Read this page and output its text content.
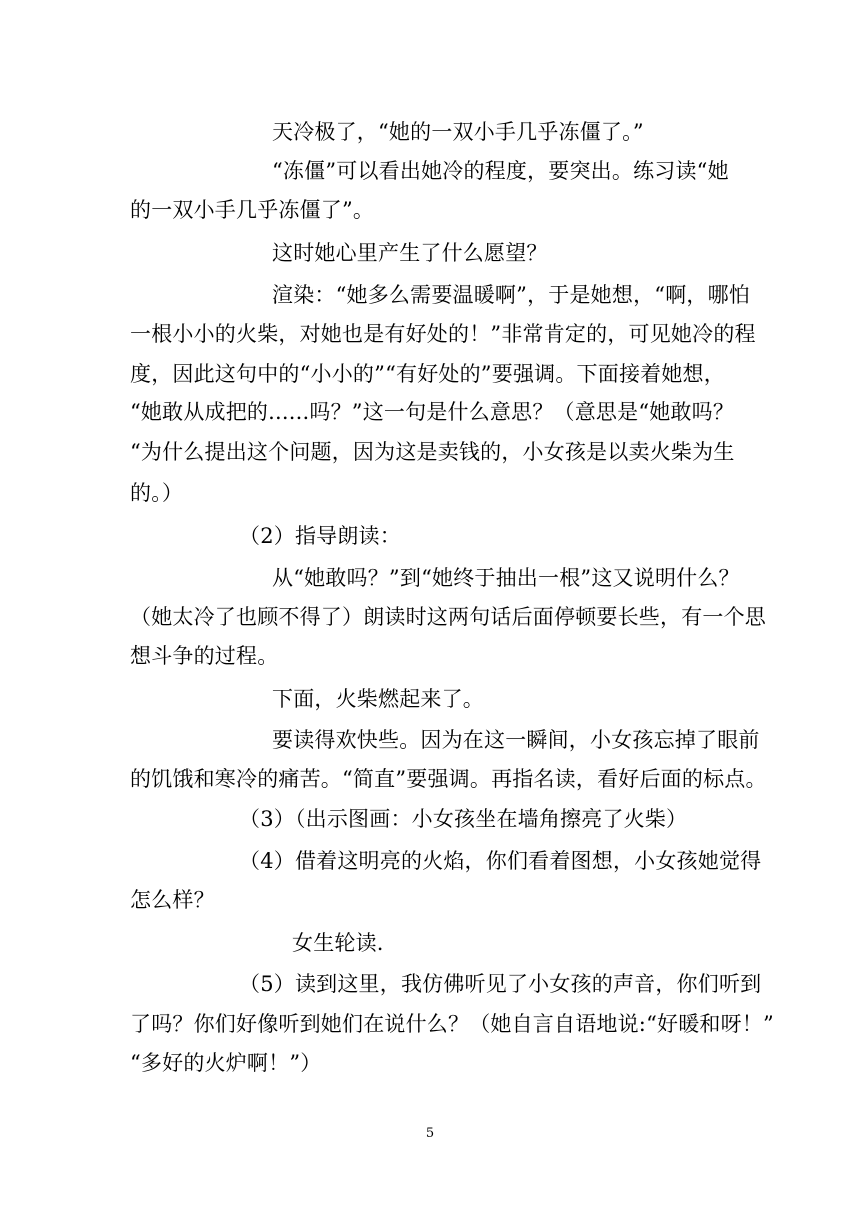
天冷极了，“她的一双小手几乎冻僵了。”
“冻僵”可以看出她冷的程度，要突出。练习读“她
的一双小手几乎冻僵了”。
这时她心里产生了什么愿望？
渲染：“她多么需要温暖啊”，于是她想，“啊，哪怕
一根小小的火柴，对她也是有好处的！”非常肯定的，可见她冷的程
度，因此这句中的“小小的”“有好处的”要强调。下面接着她想，
“她敢从成把的......吗？”这一句是什么意思？（意思是“她敢吗？
“为什么提出这个问题，因为这是卖钱的，小女孩是以卖火柴为生
的。）
（2）指导朗读：
从“她敢吗？”到“她终于抽出一根”这又说明什么？
（她太冷了也顾不得了）朗读时这两句话后面停顿要长些，有一个思
想斗争的过程。
下面，火柴燃起来了。
要读得欢快些。因为在这一瞬间，小女孩忘掉了眼前
的饥饿和寒冷的痛苦。“简直”要强调。再指名读，看好后面的标点。
（3）（出示图画：小女孩坐在墙角擦亮了火柴）
（4）借着这明亮的火焰，你们看着图想，小女孩她觉得
怎么样？
女生轮读.
（5）读到这里，我仿佛听见了小女孩的声音，你们听到
了吗？你们好像听到她们在说什么？（她自言自语地说:“好暖和呀！”
“多好的火炉啊！”）
5
